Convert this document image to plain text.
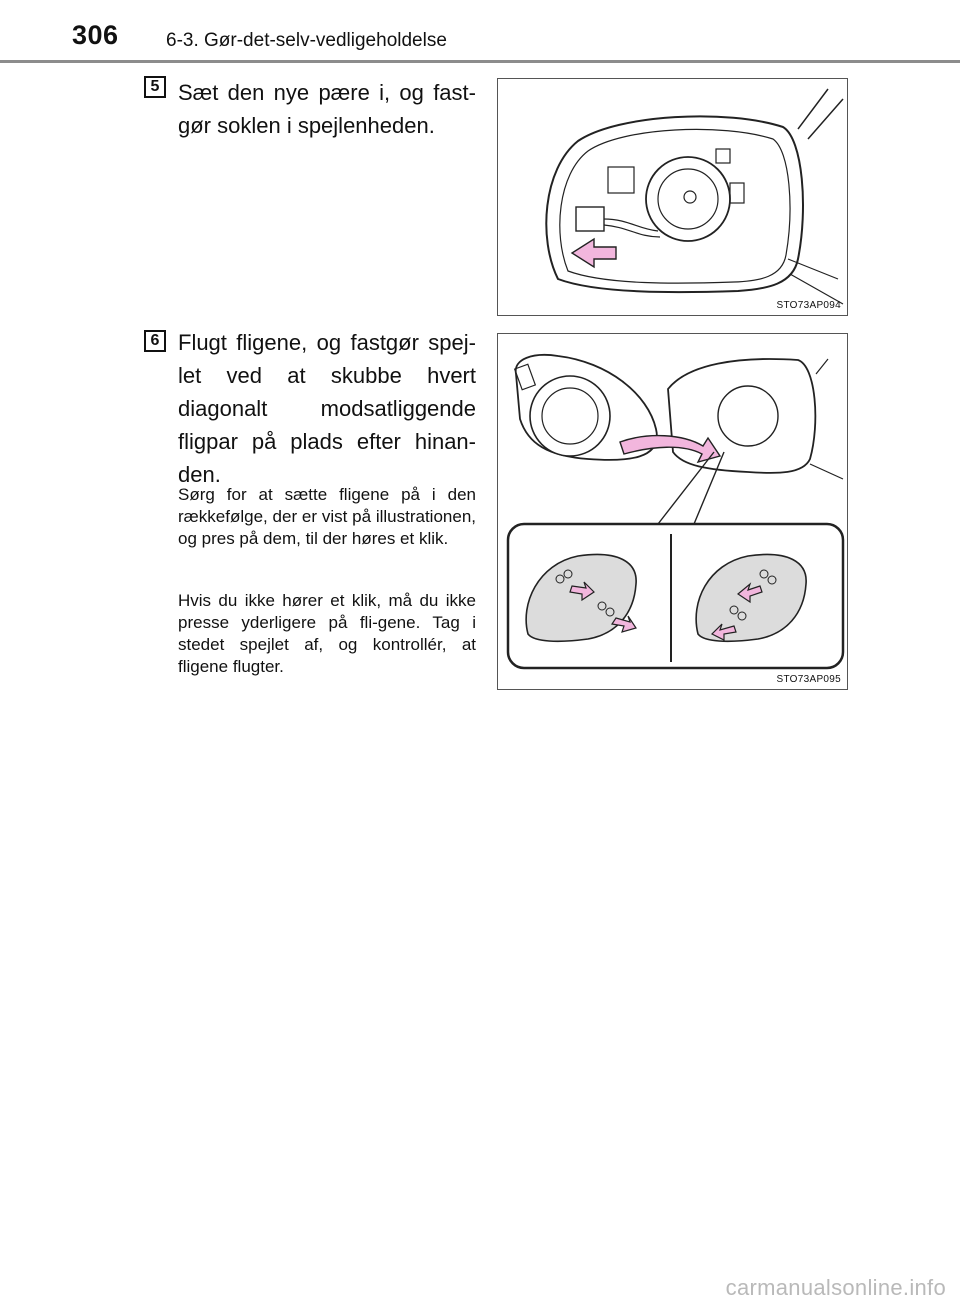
306 6-3. Gør-det-selv-vedligeholdelse
5 Sæt den nye pære i, og fast-gør soklen i spejlenheden.
STO73AP094
6 Flugt fligene, og fastgør spej-let ved at skubbe hvert diagonalt modsatliggende fligpar på plads efter hinan-den.
Sørg for at sætte fligene på i den rækkefølge, der er vist på illustrationen, og pres på dem, til der høres et klik.
Hvis du ikke hører et klik, må du ikke presse yderligere på fli-gene. Tag i stedet spejlet af, og kontrollér, at fligene flugter.
STO73AP095
carmanualsonline.info
